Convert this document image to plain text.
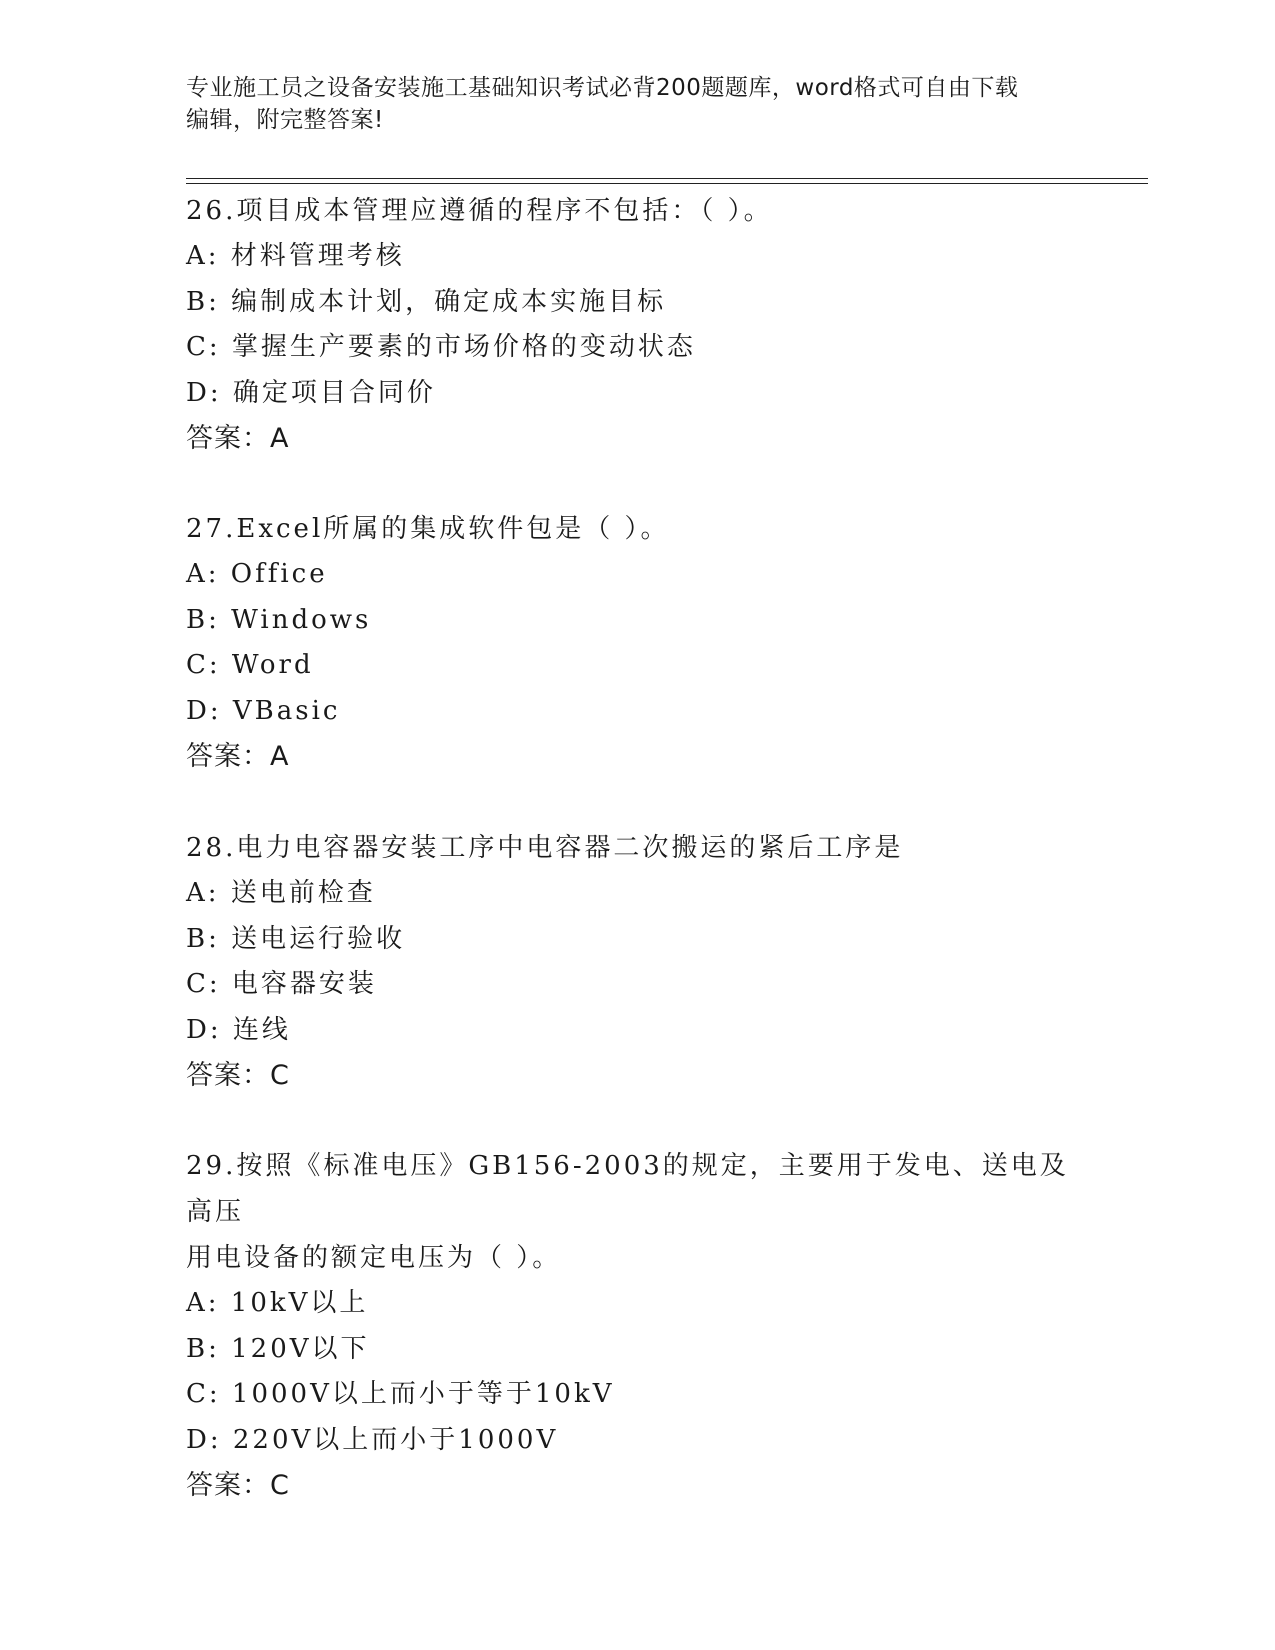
专业施工员之设备安装施工基础知识考试必背200题题库，word格式可自由下载
编辑，附完整答案!
26.项目成本管理应遵循的程序不包括：（ ）。
A: 材料管理考核
B: 编制成本计划，确定成本实施目标
C: 掌握生产要素的市场价格的变动状态
D: 确定项目合同价
答案：A
27.Excel所属的集成软件包是（ ）。
A: Office
B: Windows
C: Word
D: VBasic
答案：A
28.电力电容器安装工序中电容器二次搬运的紧后工序是
A: 送电前检查
B: 送电运行验收
C: 电容器安装
D: 连线
答案：C
29.按照《标准电压》GB156-2003的规定，主要用于发电、送电及高压
用电设备的额定电压为（ ）。
A: 10kV以上
B: 120V以下
C: 1000V以上而小于等于10kV
D: 220V以上而小于1000V
答案：C
